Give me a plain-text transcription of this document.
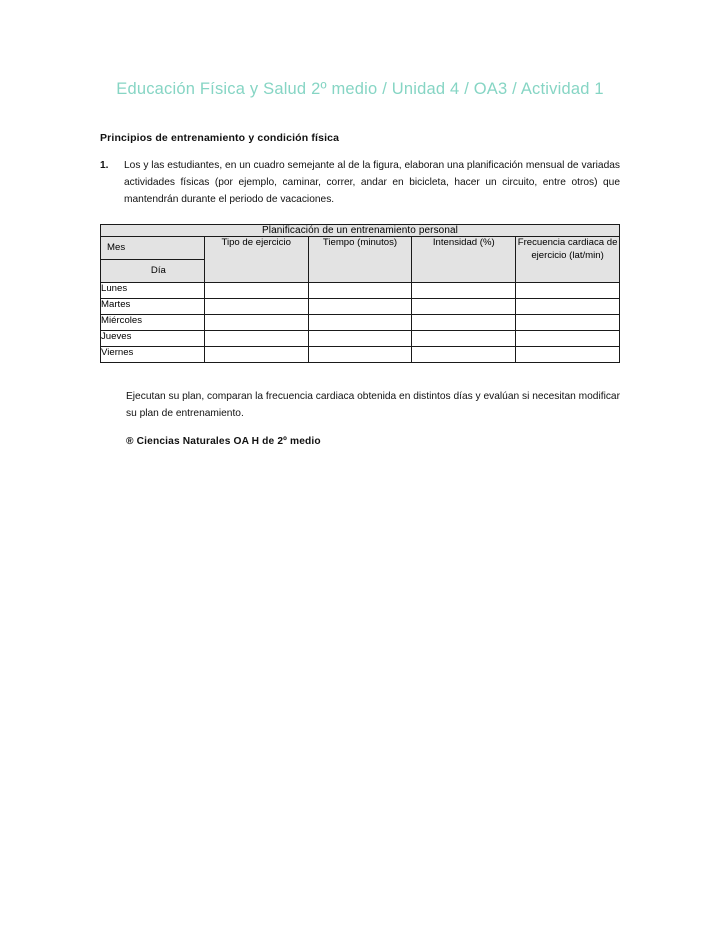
Educación Física y Salud 2º medio / Unidad 4 / OA3 / Actividad 1
Principios de entrenamiento y condición física
1.	Los y las estudiantes, en un cuadro semejante al de la figura, elaboran una planificación mensual de variadas actividades físicas (por ejemplo, caminar, correr, andar en bicicleta, hacer un circuito, entre otros) que mantendrán durante el periodo de vacaciones.
Planificación de un entrenamiento personal				

Mes
Día	Tipo de ejercicio	Tiempo (minutos)	Intensidad (%)	Frecuencia cardiaca de ejercicio (lat/min)
Lunes				
Martes				
Miércoles				
Jueves				
Viernes				
Ejecutan su plan, comparan la frecuencia cardiaca obtenida en distintos días y evalúan si necesitan modificar su plan de entrenamiento.
® Ciencias Naturales OA H de 2º medio
